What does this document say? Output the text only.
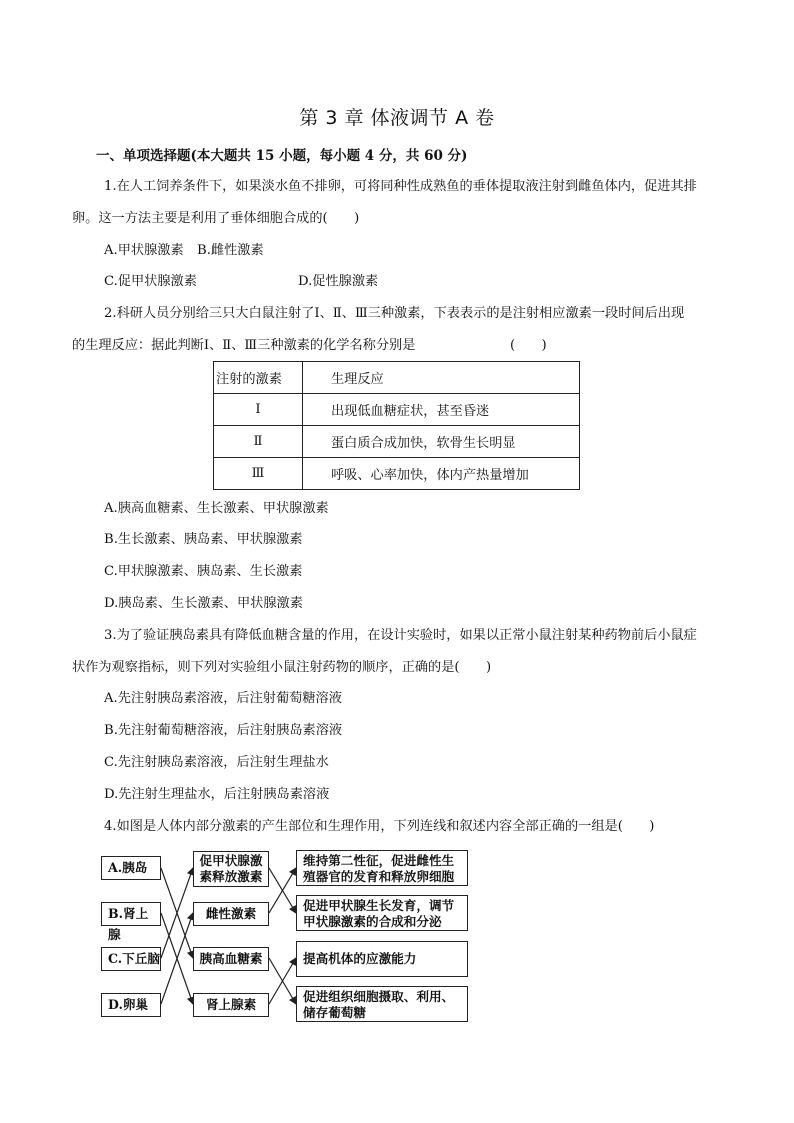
第 3 章 体液调节 A 卷
一、单项选择题(本大题共 15 小题，每小题 4 分，共 60 分)
1.在人工饲养条件下，如果淡水鱼不排卵，可将同种性成熟鱼的垂体提取液注射到雌鱼体内，促进其排
卵。这一方法主要是利用了垂体细胞合成的(　　)
A.甲状腺激素 B.雌性激素
C.促甲状腺激素	D.促性腺激素
2.科研人员分别给三只大白鼠注射了Ⅰ、Ⅱ、Ⅲ三种激素，下表表示的是注射相应激素一段时间后出现
的生理反应：据此判断Ⅰ、Ⅱ、Ⅲ三种激素的化学名称分别是	(　　)
注射的激素	生理反应
Ⅰ	出现低血糖症状，甚至昏迷
Ⅱ	蛋白质合成加快，软骨生长明显
Ⅲ	呼吸、心率加快，体内产热量增加
A.胰高血糖素、生长激素、甲状腺激素
B.生长激素、胰岛素、甲状腺激素
C.甲状腺激素、胰岛素、生长激素
D.胰岛素、生长激素、甲状腺激素
3.为了验证胰岛素具有降低血糖含量的作用，在设计实验时，如果以正常小鼠注射某种药物前后小鼠症
状作为观察指标，则下列对实验组小鼠注射药物的顺序，正确的是(　　)
A.先注射胰岛素溶液，后注射葡萄糖溶液
B.先注射葡萄糖溶液，后注射胰岛素溶液
C.先注射胰岛素溶液，后注射生理盐水
D.先注射生理盐水，后注射胰岛素溶液
4.如图是人体内部分激素的产生部位和生理作用，下列连线和叙述内容全部正确的一组是(　　)
A.胰岛
B.肾上腺
C.下丘脑
D.卵巢
促甲状腺激
素释放激素
雌性激素
胰高血糖素
肾上腺素
维持第二性征，促进雌性生
殖器官的发育和释放卵细胞
促进甲状腺生长发育，调节
甲状腺激素的合成和分泌
提高机体的应激能力
促进组织细胞摄取、利用、
储存葡萄糖
